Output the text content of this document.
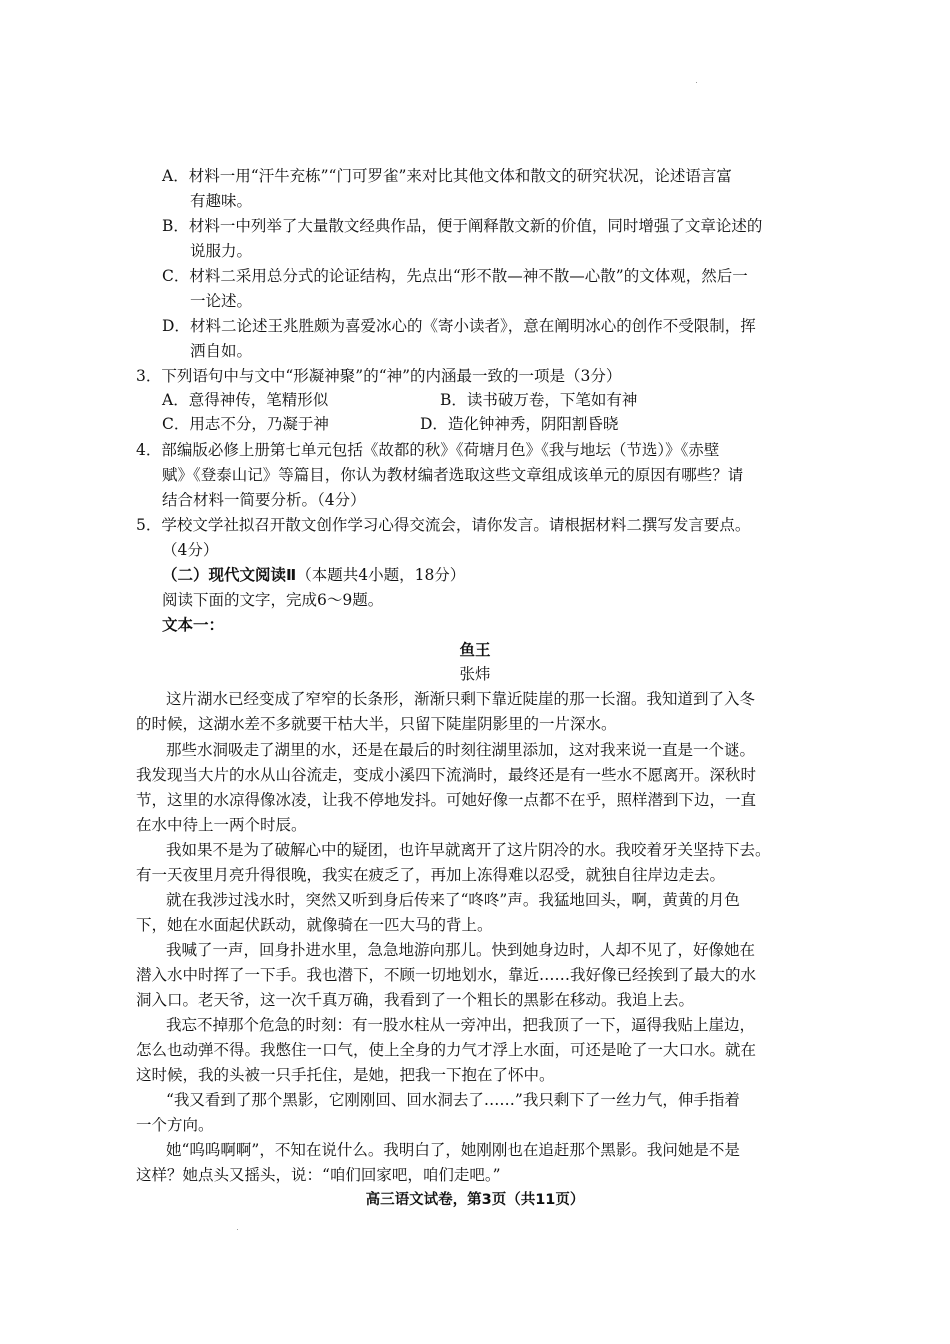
A．材料一用“汗牛充栋”“门可罗雀”来对比其他文体和散文的研究状况，论述语言富
有趣味。
B．材料一中列举了大量散文经典作品，便于阐释散文新的价值，同时增强了文章论述的
说服力。
C．材料二采用总分式的论证结构，先点出“形不散—神不散—心散”的文体观，然后一
一论述。
D．材料二论述王兆胜颇为喜爱冰心的《寄小读者》，意在阐明冰心的创作不受限制，挥
洒自如。
3．下列语句中与文中“形凝神聚”的“神”的内涵最一致的一项是（3分）
A．意得神传，笔精形似	B．读书破万卷，下笔如有神
C．用志不分，乃凝于神	D．造化钟神秀，阴阳割昏晓
4．部编版必修上册第七单元包括《故都的秋》《荷塘月色》《我与地坛（节选）》《赤壁
赋》《登泰山记》等篇目，你认为教材编者选取这些文章组成该单元的原因有哪些？请
结合材料一简要分析。（4分）
5．学校文学社拟召开散文创作学习心得交流会，请你发言。请根据材料二撰写发言要点。
（4分）
（二）现代文阅读Ⅱ（本题共4小题，18分）
阅读下面的文字，完成6～9题。
文本一：
鱼王
张炜
这片湖水已经变成了窄窄的长条形，渐渐只剩下靠近陡崖的那一长溜。我知道到了入冬
的时候，这湖水差不多就要干枯大半，只留下陡崖阴影里的一片深水。
那些水洞吸走了湖里的水，还是在最后的时刻往湖里添加，这对我来说一直是一个谜。
我发现当大片的水从山谷流走，变成小溪四下流淌时，最终还是有一些水不愿离开。深秋时
节，这里的水凉得像冰凌，让我不停地发抖。可她好像一点都不在乎，照样潜到下边，一直
在水中待上一两个时辰。
我如果不是为了破解心中的疑团，也许早就离开了这片阴冷的水。我咬着牙关坚持下去。
有一天夜里月亮升得很晚，我实在疲乏了，再加上冻得难以忍受，就独自往岸边走去。
就在我涉过浅水时，突然又听到身后传来了“咚咚”声。我猛地回头，啊，黄黄的月色
下，她在水面起伏跃动，就像骑在一匹大马的背上。
我喊了一声，回身扑进水里，急急地游向那儿。快到她身边时，人却不见了，好像她在
潜入水中时挥了一下手。我也潜下，不顾一切地划水，靠近……我好像已经挨到了最大的水
洞入口。老天爷，这一次千真万确，我看到了一个粗长的黑影在移动。我追上去。
我忘不掉那个危急的时刻：有一股水柱从一旁冲出，把我顶了一下，逼得我贴上崖边，
怎么也动弹不得。我憋住一口气，使上全身的力气才浮上水面，可还是呛了一大口水。就在
这时候，我的头被一只手托住，是她，把我一下抱在了怀中。
“我又看到了那个黑影，它刚刚回、回水洞去了……”我只剩下了一丝力气，伸手指着
一个方向。
她“呜呜啊啊”，不知在说什么。我明白了，她刚刚也在追赶那个黑影。我问她是不是
这样？她点头又摇头，说：“咱们回家吧，咱们走吧。”
高三语文试卷，第3页（共11页）
